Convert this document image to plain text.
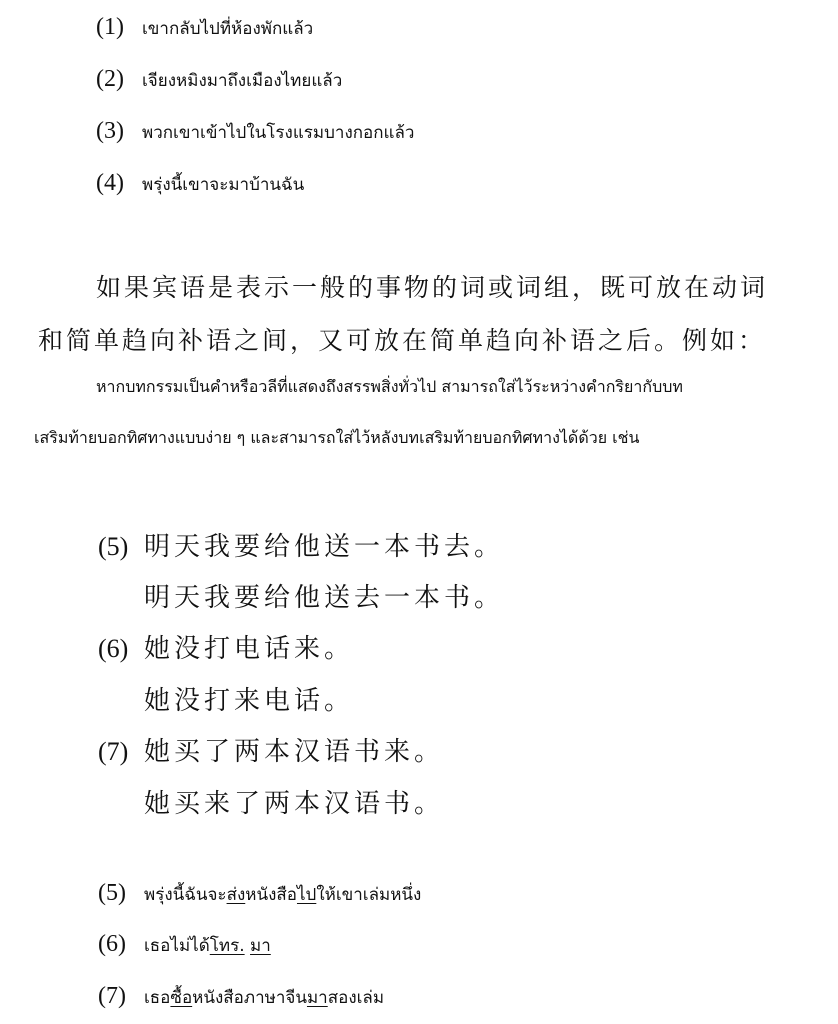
(1) เขากลับไปที่ห้องพักแล้ว
(2) เจียงหมิงมาถึงเมืองไทยแล้ว
(3) พวกเขาเข้าไปในโรงแรมบางกอกแล้ว
(4) พรุ่งนี้เขาจะมาบ้านฉัน
如果宾语是表示一般的事物的词或词组，既可放在动词
和简单趋向补语之间，又可放在简单趋向补语之后。例如：
หากบทกรรมเป็นคำหรือวลีที่แสดงถึงสรรพสิ่งทั่วไป สามารถใส่ไว้ระหว่างคำกริยากับบท
เสริมท้ายบอกทิศทางแบบง่าย ๆ และสามารถใส่ไว้หลังบทเสริมท้ายบอกทิศทางได้ด้วย เช่น
(5) 明天我要给他送一本书去。
明天我要给他送去一本书。
(6) 她没打电话来。
她没打来电话。
(7) 她买了两本汉语书来。
她买来了两本汉语书。
(5) พรุ่งนี้ฉันจะส่งหนังสือไปให้เขาเล่มหนึ่ง
(6) เธอไม่ได้โทร. มา
(7) เธอซื้อหนังสือภาษาจีนมาสองเล่ม
